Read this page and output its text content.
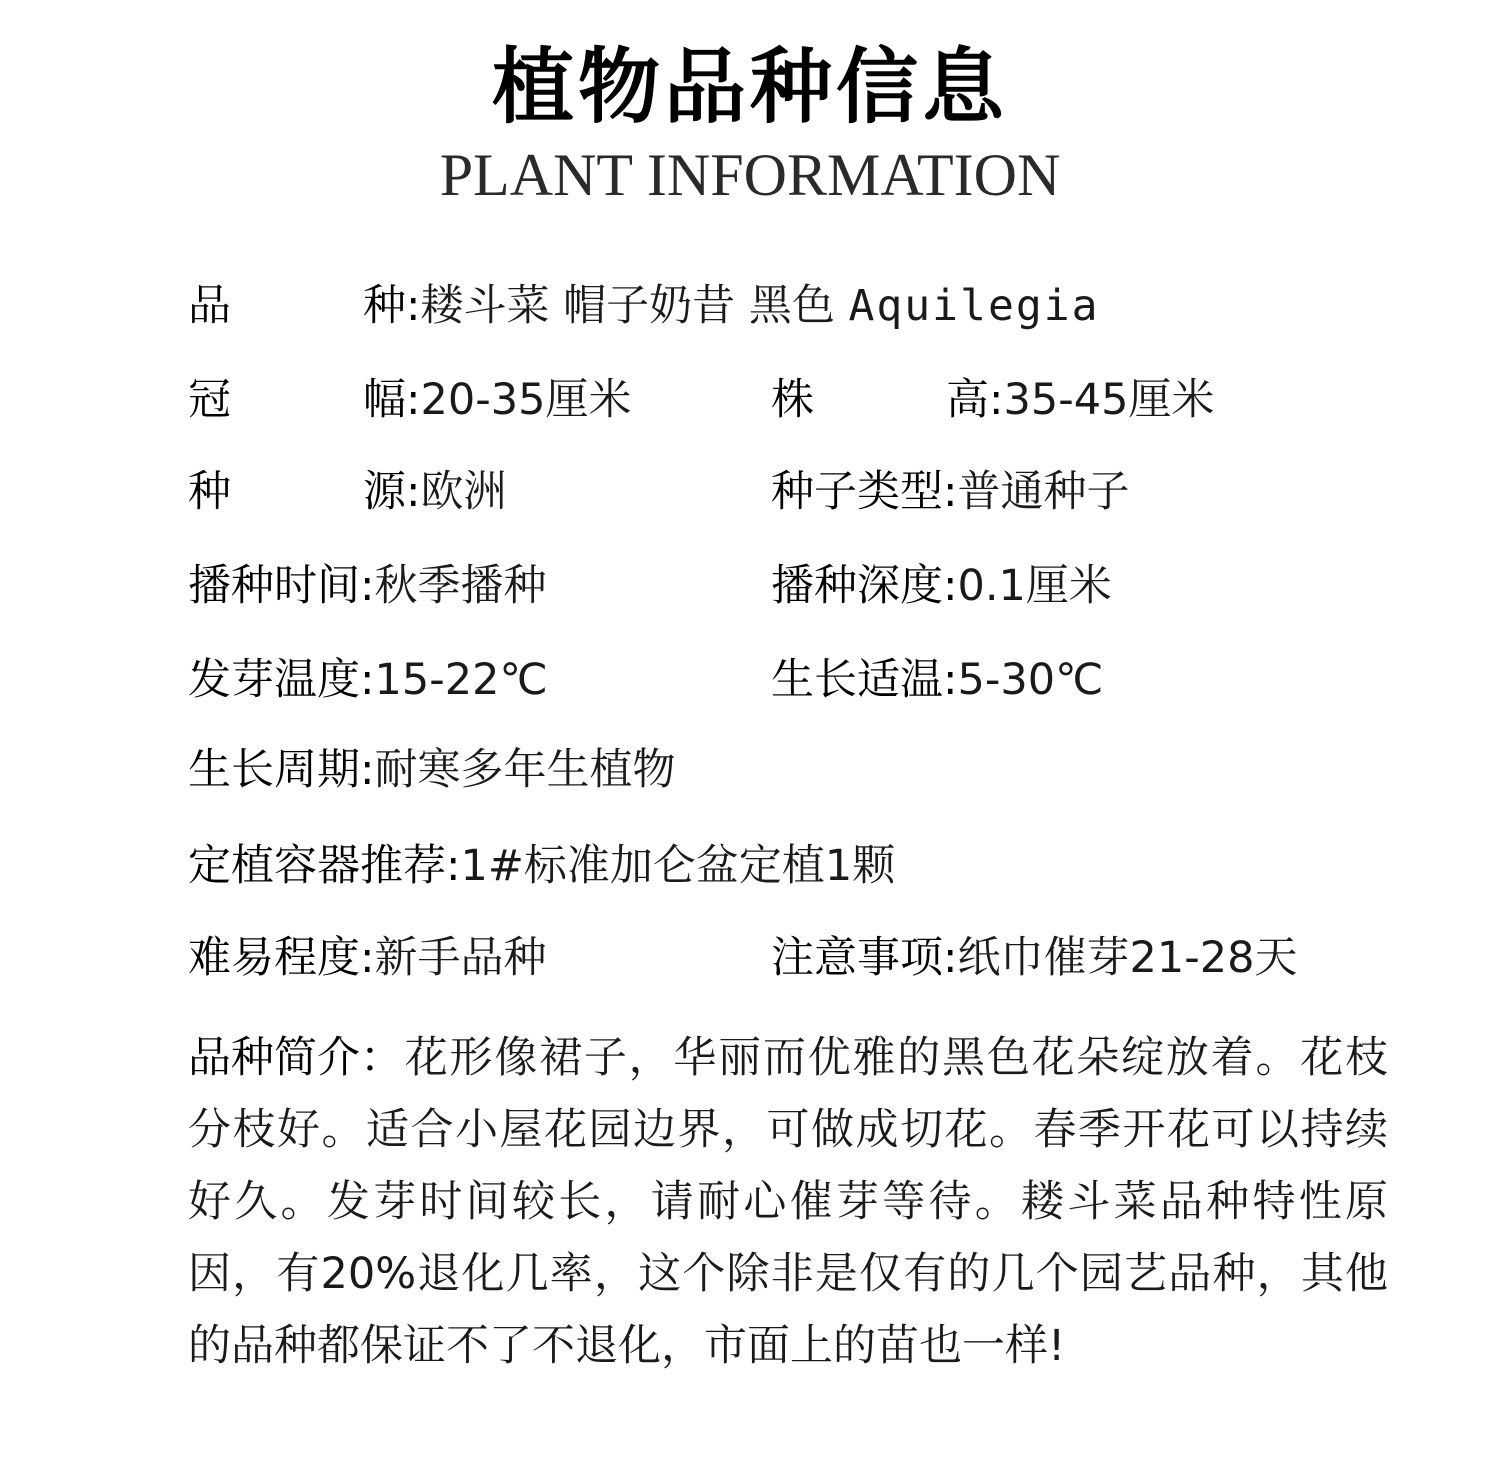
植物品种信息
PLANT INFORMATION
品种:耧斗菜 帽子奶昔 黑色 Aquilegia
冠幅:20-35厘米	株高:35-45厘米
种源:欧洲	种子类型:普通种子
播种时间:秋季播种	播种深度:0.1厘米
发芽温度:15-22℃	生长适温:5-30℃
生长周期:耐寒多年生植物
定植容器推荐:1#标准加仑盆定植1颗
难易程度:新手品种	注意事项:纸巾催芽21-28天
品种简介：花形像裙子，华丽而优雅的黑色花朵绽放着。花枝分枝好。适合小屋花园边界，可做成切花。春季开花可以持续好久。发芽时间较长，请耐心催芽等待。耧斗菜品种特性原因，有20%退化几率，这个除非是仅有的几个园艺品种，其他的品种都保证不了不退化，市面上的苗也一样!
